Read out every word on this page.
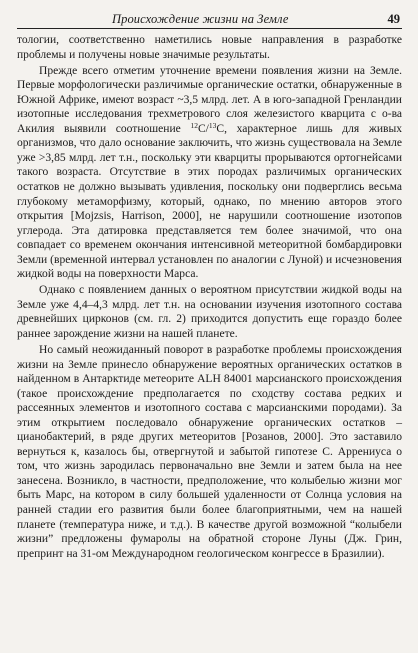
Происхождение жизни на Земле	49

тологии, соответственно наметились новые направления в разработке проблемы и получены новые значимые результаты.

Прежде всего отметим уточнение времени появления жизни на Земле. Первые морфологически различимые органические остатки, обнаруженные в Южной Африке, имеют возраст ~3,5 млрд. лет. А в юго-западной Гренландии изотопные исследования трехметрового слоя железистого кварцита с о-ва Акилия выявили соотношение $^{12}$C/$^{13}$C, характерное лишь для живых организмов, что дало основание заключить, что жизнь существовала на Земле уже >3,85 млрд. лет т.н., поскольку эти кварциты прорываются ортогнейсами такого возраста. Отсутствие в этих породах различимых органических остатков не должно вызывать удивления, поскольку они подверглись весьма глубокому метаморфизму, который, однако, по мнению авторов этого открытия [Mojzsis, Harrison, 2000], не нарушили соотношение изотопов углерода. Эта датировка представляется тем более значимой, что она совпадает со временем окончания интенсивной метеоритной бомбардировки Земли (временной интервал установлен по аналогии с Луной) и исчезновения жидкой воды на поверхности Марса.

Однако с появлением данных о вероятном присутствии жидкой воды на Земле уже 4,4–4,3 млрд. лет т.н. на основании изучения изотопного состава древнейших цирконов (см. гл. 2) приходится допустить еще гораздо более раннее зарождение жизни на нашей планете.

Но самый неожиданный поворот в разработке проблемы происхождения жизни на Земле принесло обнаружение вероятных органических остатков в найденном в Антарктиде метеорите ALH 84001 марсианского происхождения (такое происхождение предполагается по сходству состава редких и рассеянных элементов и изотопного состава с марсианскими породами). За этим открытием последовало обнаружение органических остатков – цианобактерий, в ряде других метеоритов [Розанов, 2000]. Это заставило вернуться к, казалось бы, отвергнутой и забытой гипотезе С. Аррениуса о том, что жизнь зародилась первоначально вне Земли и затем была на нее занесена. Возникло, в частности, предположение, что колыбелью жизни мог быть Марс, на котором в силу большей удаленности от Солнца условия на ранней стадии его развития были более благоприятными, чем на нашей планете (температура ниже, и т.д.). В качестве другой возможной “колыбели жизни” предложены фумаролы на обратной стороне Луны (Дж. Грин, препринт на 31-ом Международном геологическом конгрессе в Бразилии).
